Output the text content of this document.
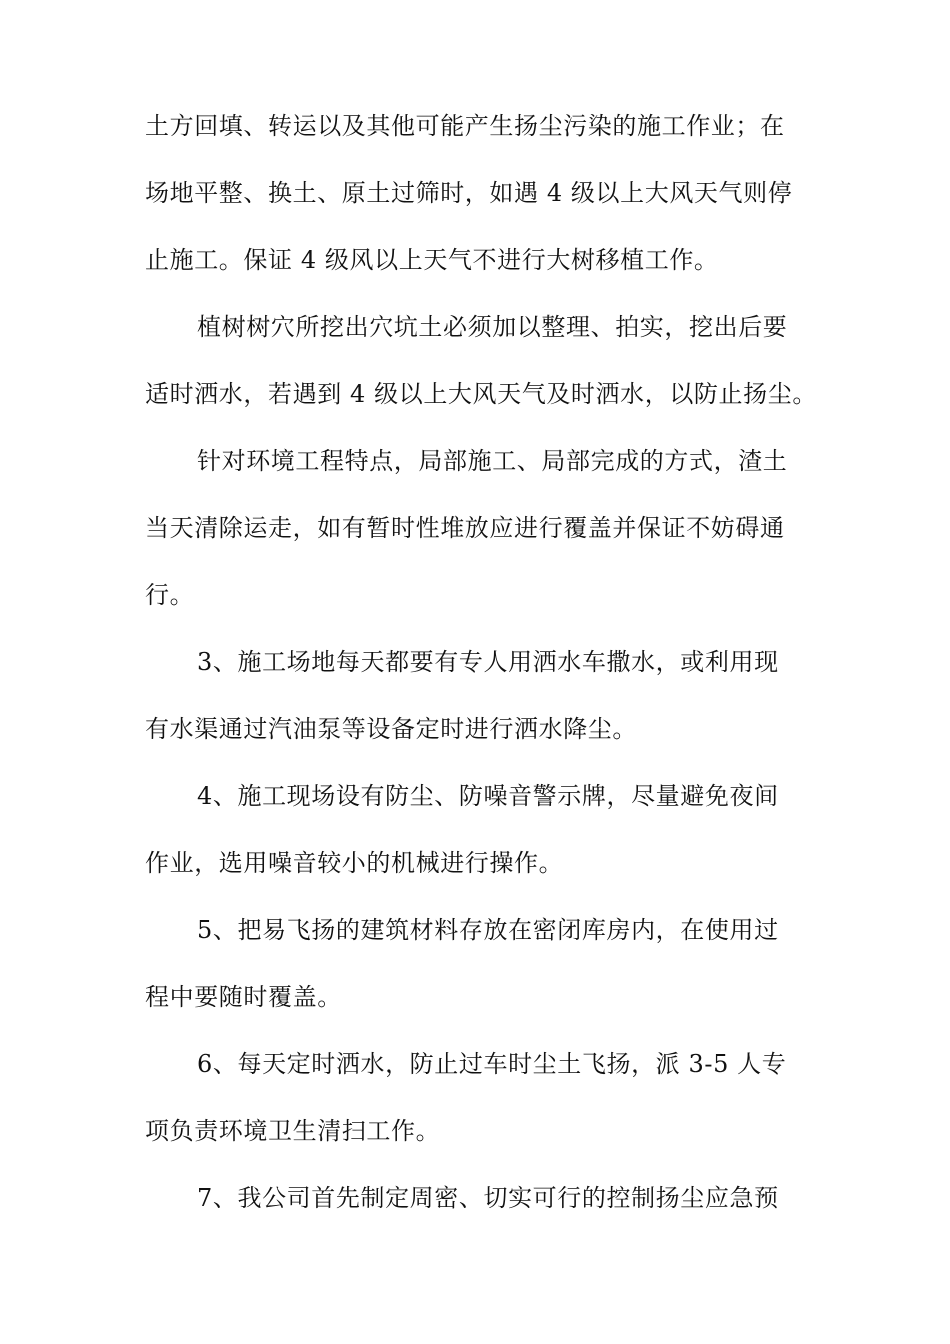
土方回填、转运以及其他可能产生扬尘污染的施工作业；在
场地平整、换土、原土过筛时，如遇 4 级以上大风天气则停
止施工。保证 4 级风以上天气不进行大树移植工作。
植树树穴所挖出穴坑土必须加以整理、拍实，挖出后要
适时洒水，若遇到 4 级以上大风天气及时洒水，以防止扬尘。
针对环境工程特点，局部施工、局部完成的方式，渣土
当天清除运走，如有暂时性堆放应进行覆盖并保证不妨碍通
行。
3、施工场地每天都要有专人用洒水车撒水，或利用现
有水渠通过汽油泵等设备定时进行洒水降尘。
4、施工现场设有防尘、防噪音警示牌，尽量避免夜间
作业，选用噪音较小的机械进行操作。
5、把易飞扬的建筑材料存放在密闭库房内，在使用过
程中要随时覆盖。
6、每天定时洒水，防止过车时尘土飞扬，派 3-5 人专
项负责环境卫生清扫工作。
7、我公司首先制定周密、切实可行的控制扬尘应急预
